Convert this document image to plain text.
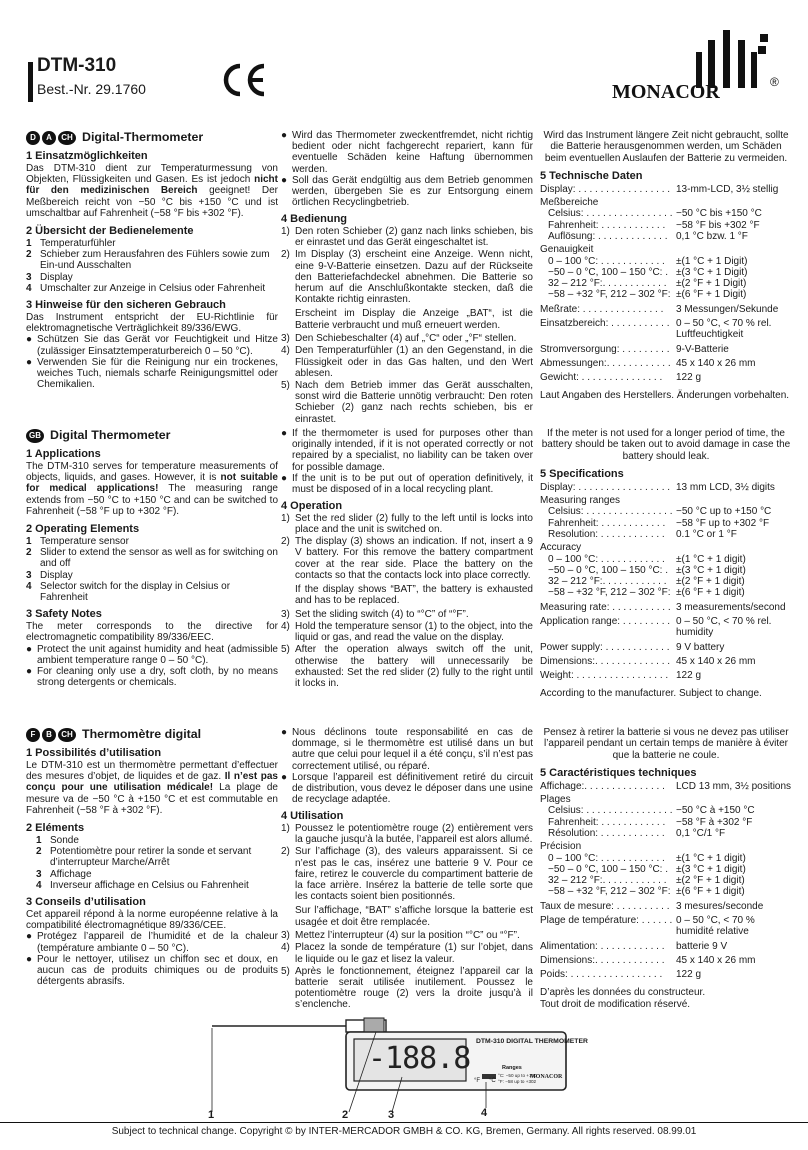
DTM-310
Best.-Nr. 29.1760	MONACOR	®
D	A	CH Digital-Thermometer
1 Einsatzmöglichkeiten
Das DTM-310 dient zur Temperaturmessung von Objekten, Flüssigkeiten und Gasen. Es ist jedoch nicht für den medizinischen Bereich geeignet! Der Meßbereich reicht von −50 °C bis +150 °C und ist umschaltbar auf Fahrenheit (−58 °F bis +302 °F).
2 Übersicht der Bedienelemente
1 Temperaturfühler
2 Schieber zum Herausfahren des Fühlers sowie zum Ein-und Ausschalten
3 Display
4 Umschalter zur Anzeige in Celsius oder Fahrenheit
3 Hinweise für den sicheren Gebrauch
Das Instrument entspricht der EU-Richtlinie für elektromagnetische Verträglichkeit 89/336/EWG.
● Schützen Sie das Gerät vor Feuchtigkeit und Hitze (zulässiger Einsatztemperaturbereich 0 – 50 °C).
● Verwenden Sie für die Reinigung nur ein trockenes, weiches Tuch, niemals scharfe Reinigungsmittel oder Chemikalien.
● Wird das Thermometer zweckentfremdet, nicht richtig bedient oder nicht fachgerecht repariert, kann für eventuelle Schäden keine Haftung übernommen werden.
● Soll das Gerät endgültig aus dem Betrieb genommen werden, übergeben Sie es zur Entsorgung einem örtlichen Recyclingbetrieb.
4 Bedienung
1) Den roten Schieber (2) ganz nach links schieben, bis er einrastet und das Gerät eingeschaltet ist.
2) Im Display (3) erscheint eine Anzeige. Wenn nicht, eine 9-V-Batterie einsetzen. Dazu auf der Rückseite den Batteriefachdeckel abnehmen. Die Batterie so herum auf die Anschlußkontakte stecken, daß die Kontakte richtig einrasten.
Erscheint im Display die Anzeige „BAT“, ist die Batterie verbraucht und muß erneuert werden.
3) Den Schiebeschalter (4) auf „°C“ oder „°F“ stellen.
4) Den Temperaturfühler (1) an den Gegenstand, in die Flüssigkeit oder in das Gas halten, und den Wert ablesen.
5) Nach dem Betrieb immer das Gerät ausschalten, sonst wird die Batterie unnötig verbraucht: Den roten Schieber (2) ganz nach rechts schieben, bis er einrastet.
Wird das Instrument längere Zeit nicht gebraucht, sollte die Batterie herausgenommen werden, um Schäden beim eventuellen Auslaufen der Batterie zu vermeiden.
5 Technische Daten
Display: . . . . . . . . . . . . . . . . . 13-mm-LCD, 3½ stellig
Meßbereiche
Celsius: . . . . . . . . . . . . . . . . −50 °C bis +150 °C
Fahrenheit: . . . . . . . . . . . .	−58 °F bis +302 °F
Auflösung: . . . . . . . . . . . . . 0,1 °C bzw. 1 °F
Genauigkeit
0 – 100 °C: . . . . . . . . . . . .	±(1 °C + 1 Digit)
−50 – 0 °C, 100 – 150 °C: . ±(3 °C + 1 Digit)
32 – 212 °F:. . . . . . . . . . . . ±(2 °F + 1 Digit)
−58 – +32 °F, 212 – 302 °F: ±(6 °F + 1 Digit)
Meßrate: . . . . . . . . . . . . . . .	3 Messungen/Sekunde
Einsatzbereich: . . . . . . . . . . . 0 – 50 °C, < 70 % rel. Luftfeuchtigkeit
Stromversorgung: . . . . . . . . . 9-V-Batterie
Abmessungen:. . . . . . . . . . . . 45 x 140 x 26 mm
Gewicht: . . . . . . . . . . . . . . .	122 g
Laut Angaben des Herstellers. Änderungen vorbehalten.
GB Digital Thermometer
1 Applications
The DTM-310 serves for temperature measurements of objects, liquids, and gases. However, it is not suitable for medical applications! The measuring range extends from −50 °C to +150 °C and can be switched to Fahrenheit (−58 °F up to +302 °F).
2 Operating Elements
1 Temperature sensor
2 Slider to extend the sensor as well as for switching on and off
3 Display
4 Selector switch for the display in Celsius or Fahrenheit
3 Safety Notes
The meter corresponds to the directive for electromagnetic compatibility 89/336/EEC.
● Protect the unit against humidity and heat (admissible ambient temperature range 0 – 50 °C).
● For cleaning only use a dry, soft cloth, by no means strong detergents or chemicals.
● If the thermometer is used for purposes other than originally intended, if it is not operated correctly or not repaired by a specialist, no liability can be taken over for possible damage.
● If the unit is to be put out of operation definitively, it must be disposed of in a local recycling plant.
4 Operation
1) Set the red slider (2) fully to the left until is locks into place and the unit is switched on.
2) The display (3) shows an indication. If not, insert a 9 V battery. For this remove the battery compartment cover at the rear side. Place the battery on the contacts so that the contacts lock into place correctly.
If the display shows “BAT”, the battery is exhausted and has to be replaced.
3) Set the sliding switch (4) to “°C” of “°F”.
4) Hold the temperature sensor (1) to the object, into the liquid or gas, and read the value on the display.
5) After the operation always switch off the unit, otherwise the battery will unnecessarily be exhausted: Set the red slider (2) fully to the right until it locks in.
If the meter is not used for a longer period of time, the battery should be taken out to avoid damage in case the battery should leak.
5 Specifications
Display: . . . . . . . . . . . . . . . . . 13 mm LCD, 3½ digits
Measuring ranges
Celsius: . . . . . . . . . . . . . . . . −50 °C up to +150 °C
Fahrenheit: . . . . . . . . . . . .	−58 °F up to +302 °F
Resolution: . . . . . . . . . . . .	0.1 °C or 1 °F
Accuracy
0 – 100 °C: . . . . . . . . . . . .	±(1 °C + 1 digit)
−50 – 0 °C, 100 – 150 °C: . ±(3 °C + 1 digit)
32 – 212 °F:. . . . . . . . . . . . ±(2 °F + 1 digit)
−58 – +32 °F, 212 – 302 °F: ±(6 °F + 1 digit)
Measuring rate: . . . . . . . . . . . 3 measurements/second
Application range: . . . . . . . . . 0 – 50 °C, < 70 % rel. humidity
Power supply: . . . . . . . . . . . . 9 V battery
Dimensions:. . . . . . . . . . . . . . 45 x 140 x 26 mm
Weight: . . . . . . . . . . . . . . . . . 122 g
According to the manufacturer. Subject to change.
F	B	CH Thermomètre digital
1 Possibilités d’utilisation
Le DTM-310 est un thermomètre permettant d’effectuer des mesures d’objet, de liquides et de gaz. Il n’est pas conçu pour une utilisation médicale! La plage de mesure va de −50 °C à +150 °C et est commutable en Fahrenheit (−58 °F à +302 °F).
2 Eléments
1 Sonde
2 Potentiomètre pour retirer la sonde et servant d’interrupteur Marche/Arrêt
3 Affichage
4 Inverseur affichage en Celsius ou Fahrenheit
3 Conseils d’utilisation
Cet appareil répond à la norme européenne relative à la compatibilité électromagnétique 89/336/CEE.
● Protégez l’appareil de l’humidité et de la chaleur (température ambiante 0 – 50 °C).
● Pour le nettoyer, utilisez un chiffon sec et doux, en aucun cas de produits chimiques ou de produits détergents abrasifs.
● Nous déclinons toute responsabilité en cas de dommage, si le thermomètre est utilisé dans un but autre que celui pour lequel il a été conçu, s’il n’est pas correctement utilisé, ou réparé.
● Lorsque l’appareil est définitivement retiré du circuit de distribution, vous devez le déposer dans une usine de recyclage adaptée.
4 Utilisation
1) Poussez le potentiomètre rouge (2) entièrement vers la gauche jusqu’à la butée, l’appareil est alors allumé.
2) Sur l’affichage (3), des valeurs apparaissent. Si ce n’est pas le cas, insérez une batterie 9 V. Pour ce faire, retirez le couvercle du compartiment batterie de la face arrière. Insérez la batterie de telle sorte que les contacts soient bien positionnés.
Sur l’affichage, “BAT” s’affiche lorsque la batterie est usagée et doit être remplacée.
3) Mettez l’interrupteur (4) sur la position “°C” ou “°F”.
4) Placez la sonde de température (1) sur l’objet, dans le liquide ou le gaz et lisez la valeur.
5) Après le fonctionnement, éteignez l’appareil car la batterie serait utilisée inutilement. Poussez le potentiomètre rouge (2) vers la droite jusqu’à il s’enclenche.
Pensez à retirer la batterie si vous ne devez pas utiliser l’appareil pendant un certain temps de manière à éviter que la batterie ne coule.
5 Caractéristiques techniques
Affichage:. . . . . . . . . . . . . . .	LCD 13 mm, 3½ positions
Plages
Celsius: . . . . . . . . . . . . . . . . −50 °C à +150 °C
Fahrenheit: . . . . . . . . . . . .	−58 °F à +302 °F
Résolution: . . . . . . . . . . . .	0,1 °C/1 °F
Précision
0 – 100 °C: . . . . . . . . . . . .	±(1 °C + 1 digit)
−50 – 0 °C, 100 – 150 °C: . ±(3 °C + 1 digit)
32 – 212 °F:. . . . . . . . . . . . ±(2 °F + 1 digit)
−58 – +32 °F, 212 – 302 °F: ±(6 °F + 1 digit)
Taux de mesure: . . . . . . . . . . 3 mesures/seconde
Plage de température: . . . . . . 0 – 50 °C, < 70 % humidité relative
Alimentation: . . . . . . . . . . . .	batterie 9 V
Dimensions:. . . . . . . . . . . . .	45 x 140 x 26 mm
Poids: . . . . . . . . . . . . . . . . .	122 g
D’après les données du constructeur.
Tout droit de modification réservé.
DTM-310 DIGITAL THERMOMETER
-188.8	Ranges
°C: −50 up to +150
°F: −58 up to +302
°F °C
MONACOR
1	2	3	4
Subject to technical change. Copyright © by INTER-MERCADOR GMBH & CO. KG, Bremen, Germany. All rights reserved. 08.99.01
